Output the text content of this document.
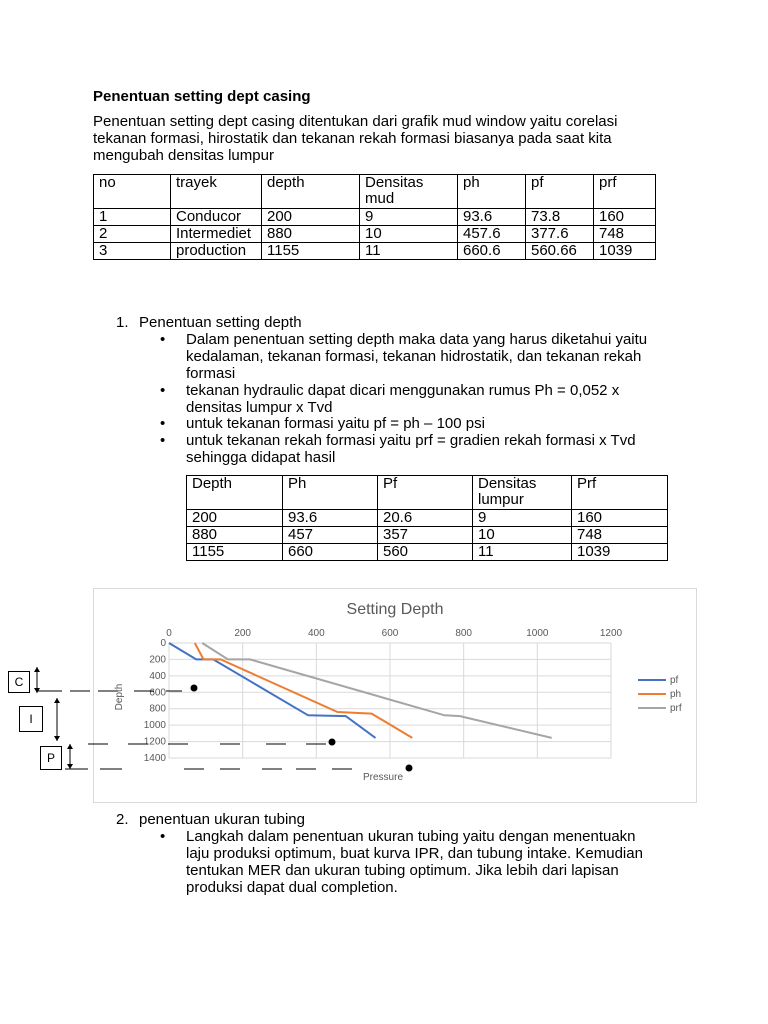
Penentuan setting dept casing
Penentuan setting dept casing ditentukan dari grafik mud window yaitu corelasi
tekanan formasi, hirostatik dan tekanan rekah formasi biasanya pada saat kita
mengubah densitas lumpur
no	trayek	depth	Densitas mud	ph	pf	prf
1	Conducor	200	9	93.6	73.8	160
2	Intermediet	880	10	457.6	377.6	748
3	production	1155	11	660.6	560.66	1039
1. Penentuan setting depth
• Dalam penentuan setting depth maka data yang harus diketahui yaitu
kedalaman, tekanan formasi, tekanan hidrostatik, dan tekanan rekah
formasi
• tekanan hydraulic dapat dicari menggunakan rumus Ph = 0,052 x
densitas lumpur x Tvd
• untuk tekanan formasi yaitu pf = ph – 100 psi
• untuk tekanan rekah formasi yaitu prf = gradien rekah formasi x Tvd
sehingga didapat hasil
Depth	Ph	Pf	Densitas lumpur	Prf
200	93.6	20.6	9	160
880	457	357	10	748
1155	660	560	11	1039
Setting Depth
0
200
400
600
800
1000
1200
1400
0	200	400	600	800	1000	1200
pf
ph
prf
Depth
Pressure
C
I
P
2. penentuan ukuran tubing
• Langkah dalam penentuan ukuran tubing yaitu dengan menentuakn
laju produksi optimum, buat kurva IPR, dan tubung intake. Kemudian
tentukan MER dan ukuran tubing optimum. Jika lebih dari lapisan
produksi dapat dual completion.
